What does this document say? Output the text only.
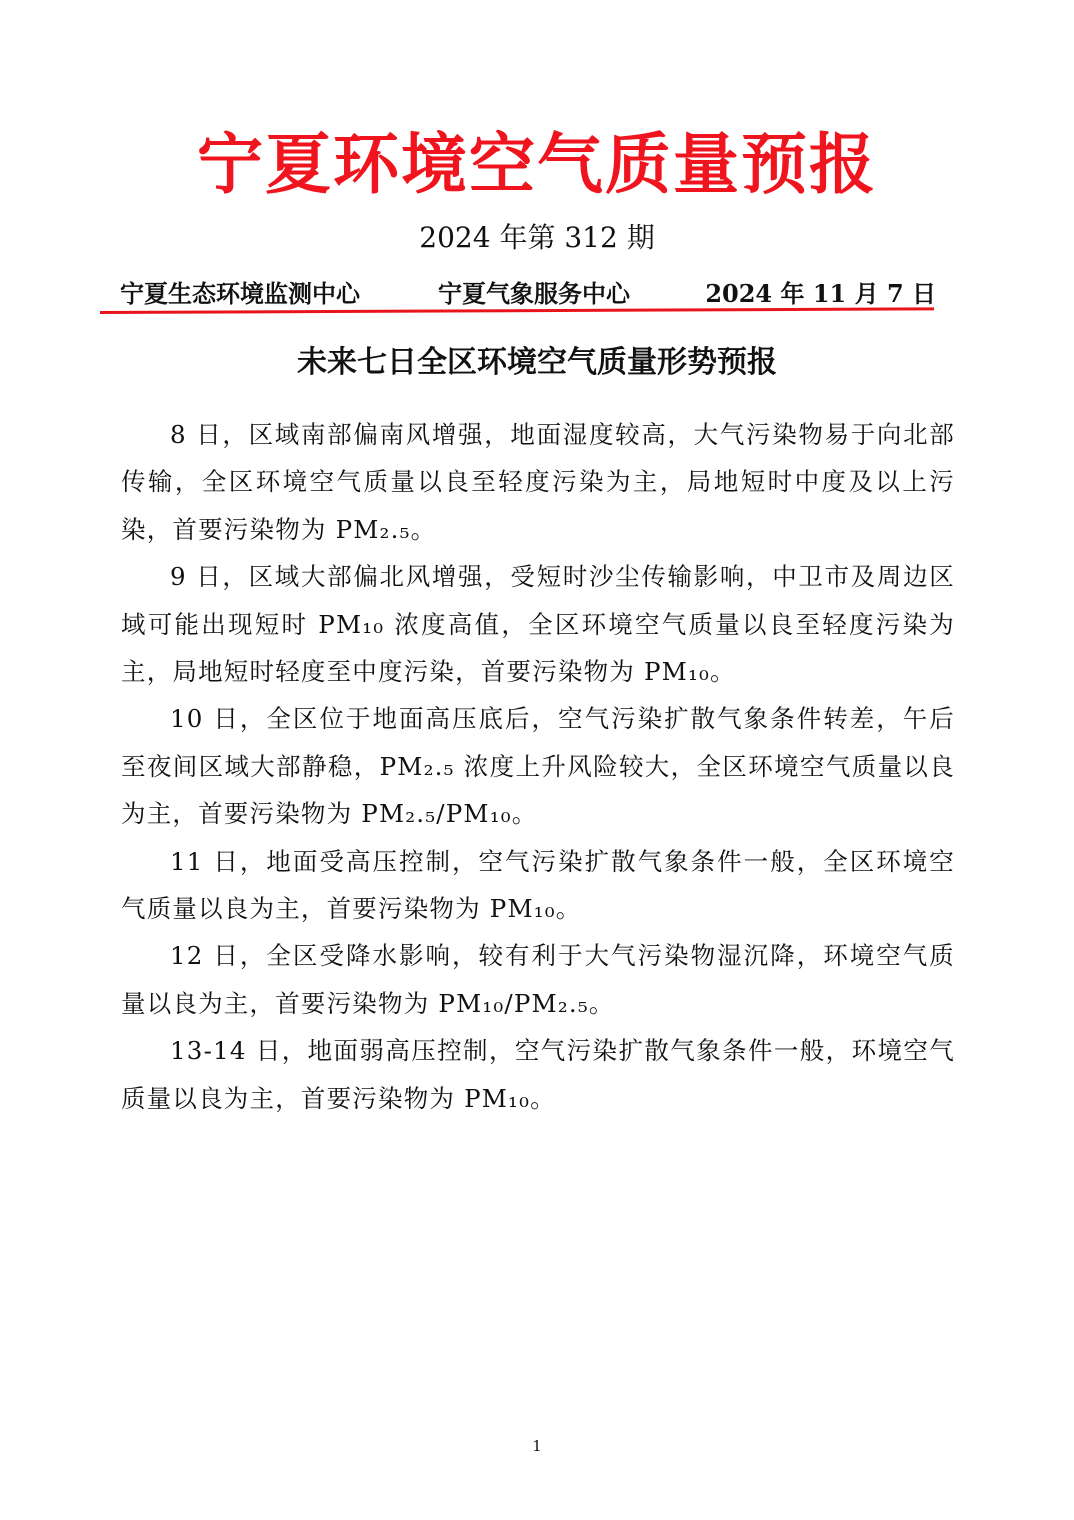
宁夏环境空气质量预报
2024 年第 312 期
宁夏生态环境监测中心	宁夏气象服务中心	2024 年 11 月 7 日
未来七日全区环境空气质量形势预报

8 日，区域南部偏南风增强，地面湿度较高，大气污染物易于向北部传输，全区环境空气质量以良至轻度污染为主，局地短时中度及以上污染，首要污染物为 PM₂.₅。

9 日，区域大部偏北风增强，受短时沙尘传输影响，中卫市及周边区域可能出现短时 PM₁₀ 浓度高值，全区环境空气质量以良至轻度污染为主，局地短时轻度至中度污染，首要污染物为 PM₁₀。

10 日，全区位于地面高压底后，空气污染扩散气象条件转差，午后至夜间区域大部静稳，PM₂.₅ 浓度上升风险较大，全区环境空气质量以良为主，首要污染物为 PM₂.₅/PM₁₀。

11 日，地面受高压控制，空气污染扩散气象条件一般，全区环境空气质量以良为主，首要污染物为 PM₁₀。

12 日，全区受降水影响，较有利于大气污染物湿沉降，环境空气质量以良为主，首要污染物为 PM₁₀/PM₂.₅。

13-14 日，地面弱高压控制，空气污染扩散气象条件一般，环境空气质量以良为主，首要污染物为 PM₁₀。

1
